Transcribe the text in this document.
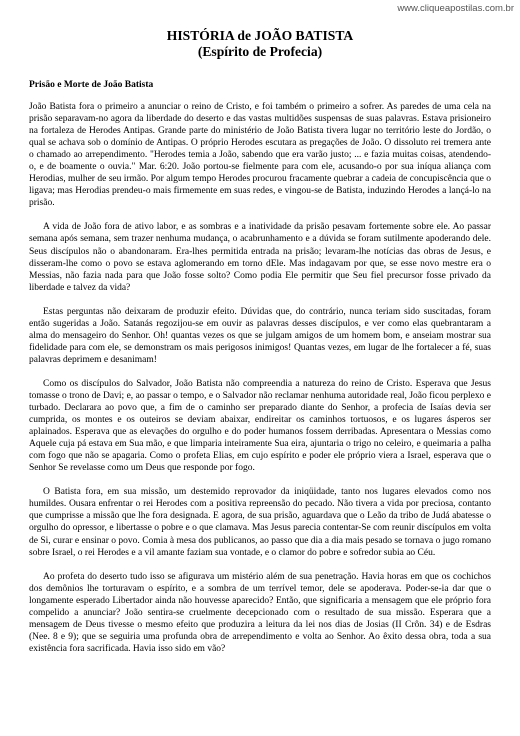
www.cliqueapostilas.com.br
HISTÓRIA de JOÃO BATISTA
(Espírito de Profecia)
Prisão e Morte de João Batista

João Batista fora o primeiro a anunciar o reino de Cristo, e foi também o primeiro a sofrer. As paredes de uma cela na prisão separavam-no agora da liberdade do deserto e das vastas multidões suspensas de suas palavras. Estava prisioneiro na fortaleza de Herodes Antipas. Grande parte do ministério de João Batista tivera lugar no território leste do Jordão, o qual se achava sob o domínio de Antipas. O próprio Herodes escutara as pregações de João. O dissoluto rei tremera ante o chamado ao arrependimento. "Herodes temia a João, sabendo que era varão justo; ... e fazia muitas coisas, atendendo-o, e de boamente o ouvia." Mar. 6:20. João portou-se fielmente para com ele, acusando-o por sua iníqua aliança com Herodias, mulher de seu irmão. Por algum tempo Herodes procurou fracamente quebrar a cadeia de concupiscência que o ligava; mas Herodias prendeu-o mais firmemente em suas redes, e vingou-se de Batista, induzindo Herodes a lançá-lo na prisão.

A vida de João fora de ativo labor, e as sombras e a inatividade da prisão pesavam fortemente sobre ele. Ao passar semana após semana, sem trazer nenhuma mudança, o acabrunhamento e a dúvida se foram sutilmente apoderando dele. Seus discípulos não o abandonaram. Era-lhes permitida entrada na prisão; levaram-lhe notícias das obras de Jesus, e disseram-lhe como o povo se estava aglomerando em torno dEle. Mas indagavam por que, se esse novo mestre era o Messias, não fazia nada para que João fosse solto? Como podia Ele permitir que Seu fiel precursor fosse privado da liberdade e talvez da vida?

Estas perguntas não deixaram de produzir efeito. Dúvidas que, do contrário, nunca teriam sido suscitadas, foram então sugeridas a João. Satanás regozijou-se em ouvir as palavras desses discípulos, e ver como elas quebrantaram a alma do mensageiro do Senhor. Oh! quantas vezes os que se julgam amigos de um homem bom, e anseiam mostrar sua fidelidade para com ele, se demonstram os mais perigosos inimigos! Quantas vezes, em lugar de lhe fortalecer a fé, suas palavras deprimem e desanimam!

Como os discípulos do Salvador, João Batista não compreendia a natureza do reino de Cristo. Esperava que Jesus tomasse o trono de Davi; e, ao passar o tempo, e o Salvador não reclamar nenhuma autoridade real, João ficou perplexo e turbado. Declarara ao povo que, a fim de o caminho ser preparado diante do Senhor, a profecia de Isaías devia ser cumprida, os montes e os outeiros se deviam abaixar, endireitar os caminhos tortuosos, e os lugares ásperos ser aplainados. Esperava que as elevações do orgulho e do poder humanos fossem derribadas. Apresentara o Messias como Aquele cuja pá estava em Sua mão, e que limparia inteiramente Sua eira, ajuntaria o trigo no celeiro, e queimaria a palha com fogo que não se apagaria. Como o profeta Elias, em cujo espírito e poder ele próprio viera a Israel, esperava que o Senhor Se revelasse como um Deus que responde por fogo.

O Batista fora, em sua missão, um destemido reprovador da iniqüidade, tanto nos lugares elevados como nos humildes. Ousara enfrentar o rei Herodes com a positiva repreensão do pecado. Não tivera a vida por preciosa, contanto que cumprisse a missão que lhe fora designada. E agora, de sua prisão, aguardava que o Leão da tribo de Judá abatesse o orgulho do opressor, e libertasse o pobre e o que clamava. Mas Jesus parecia contentar-Se com reunir discípulos em volta de Si, curar e ensinar o povo. Comia à mesa dos publicanos, ao passo que dia a dia mais pesado se tornava o jugo romano sobre Israel, o rei Herodes e a vil amante faziam sua vontade, e o clamor do pobre e sofredor subia ao Céu.

Ao profeta do deserto tudo isso se afigurava um mistério além de sua penetração. Havia horas em que os cochichos dos demônios lhe torturavam o espírito, e a sombra de um terrível temor, dele se apoderava. Poder-se-ia dar que o longamente esperado Libertador ainda não houvesse aparecido? Então, que significaria a mensagem que ele próprio fora compelido a anunciar? João sentira-se cruelmente decepcionado com o resultado de sua missão. Esperara que a mensagem de Deus tivesse o mesmo efeito que produzira a leitura da lei nos dias de Josias (II Crôn. 34) e de Esdras (Nee. 8 e 9); que se seguiria uma profunda obra de arrependimento e volta ao Senhor. Ao êxito dessa obra, toda a sua existência fora sacrificada. Havia isso sido em vão?
